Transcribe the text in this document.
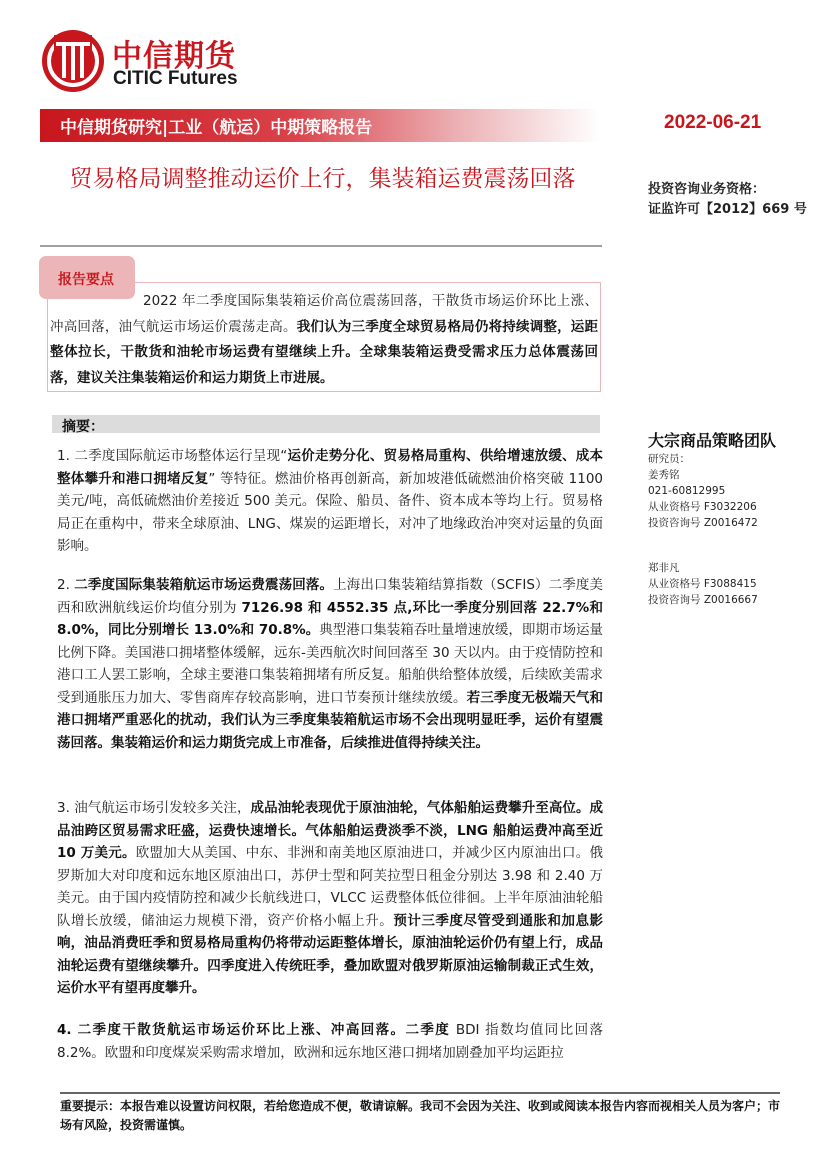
中信期货
CITIC Futures
中信期货研究|工业（航运）中期策略报告	2022-06-21
贸易格局调整推动运价上行，集装箱运费震荡回落	投资咨询业务资格：
证监许可【2012】669 号
报告要点
2022 年二季度国际集装箱运价高位震荡回落，干散货市场运价环比上涨、冲高回落，油气航运市场运价震荡走高。我们认为三季度全球贸易格局仍将持续调整，运距整体拉长，干散货和油轮市场运费有望继续上升。全球集装箱运费受需求压力总体震荡回落，建议关注集装箱运价和运力期货上市进展。
摘要：
1. 二季度国际航运市场整体运行呈现“运价走势分化、贸易格局重构、供给增速放缓、成本整体攀升和港口拥堵反复” 等特征。燃油价格再创新高，新加坡港低硫燃油价格突破 1100 美元/吨，高低硫燃油价差接近 500 美元。保险、船员、备件、资本成本等均上行。贸易格局正在重构中，带来全球原油、LNG、煤炭的运距增长，对冲了地缘政治冲突对运量的负面影响。
2. 二季度国际集装箱航运市场运费震荡回落。上海出口集装箱结算指数（SCFIS）二季度美西和欧洲航线运价均值分别为 7126.98 和 4552.35 点,环比一季度分别回落 22.7%和 8.0%，同比分别增长 13.0%和 70.8%。典型港口集装箱吞吐量增速放缓，即期市场运量比例下降。美国港口拥堵整体缓解，远东-美西航次时间回落至 30 天以内。由于疫情防控和港口工人罢工影响，全球主要港口集装箱拥堵有所反复。船舶供给整体放缓，后续欧美需求受到通胀压力加大、零售商库存较高影响，进口节奏预计继续放缓。若三季度无极端天气和港口拥堵严重恶化的扰动，我们认为三季度集装箱航运市场不会出现明显旺季，运价有望震荡回落。集装箱运价和运力期货完成上市准备，后续推进值得持续关注。
3. 油气航运市场引发较多关注，成品油轮表现优于原油油轮，气体船舶运费攀升至高位。成品油跨区贸易需求旺盛，运费快速增长。气体船舶运费淡季不淡，LNG 船舶运费冲高至近 10 万美元。欧盟加大从美国、中东、非洲和南美地区原油进口，并减少区内原油出口。俄罗斯加大对印度和远东地区原油出口，苏伊士型和阿芙拉型日租金分别达 3.98 和 2.40 万美元。由于国内疫情防控和减少长航线进口，VLCC 运费整体低位徘徊。上半年原油油轮船队增长放缓，储油运力规模下滑，资产价格小幅上升。预计三季度尽管受到通胀和加息影响，油品消费旺季和贸易格局重构仍将带动运距整体增长，原油油轮运价仍有望上行，成品油轮运费有望继续攀升。四季度进入传统旺季，叠加欧盟对俄罗斯原油运输制裁正式生效，运价水平有望再度攀升。
4. 二季度干散货航运市场运价环比上涨、冲高回落。二季度 BDI 指数均值同比回落 8.2%。欧盟和印度煤炭采购需求增加，欧洲和远东地区港口拥堵加剧叠加平均运距拉
大宗商品策略团队
研究员：
姜秀铭
021-60812995
从业资格号 F3032206
投资咨询号 Z0016472
郑非凡
从业资格号 F3088415
投资咨询号 Z0016667
重要提示：本报告难以设置访问权限，若给您造成不便，敬请谅解。我司不会因为关注、收到或阅读本报告内容而视相关人员为客户；市场有风险，投资需谨慎。
